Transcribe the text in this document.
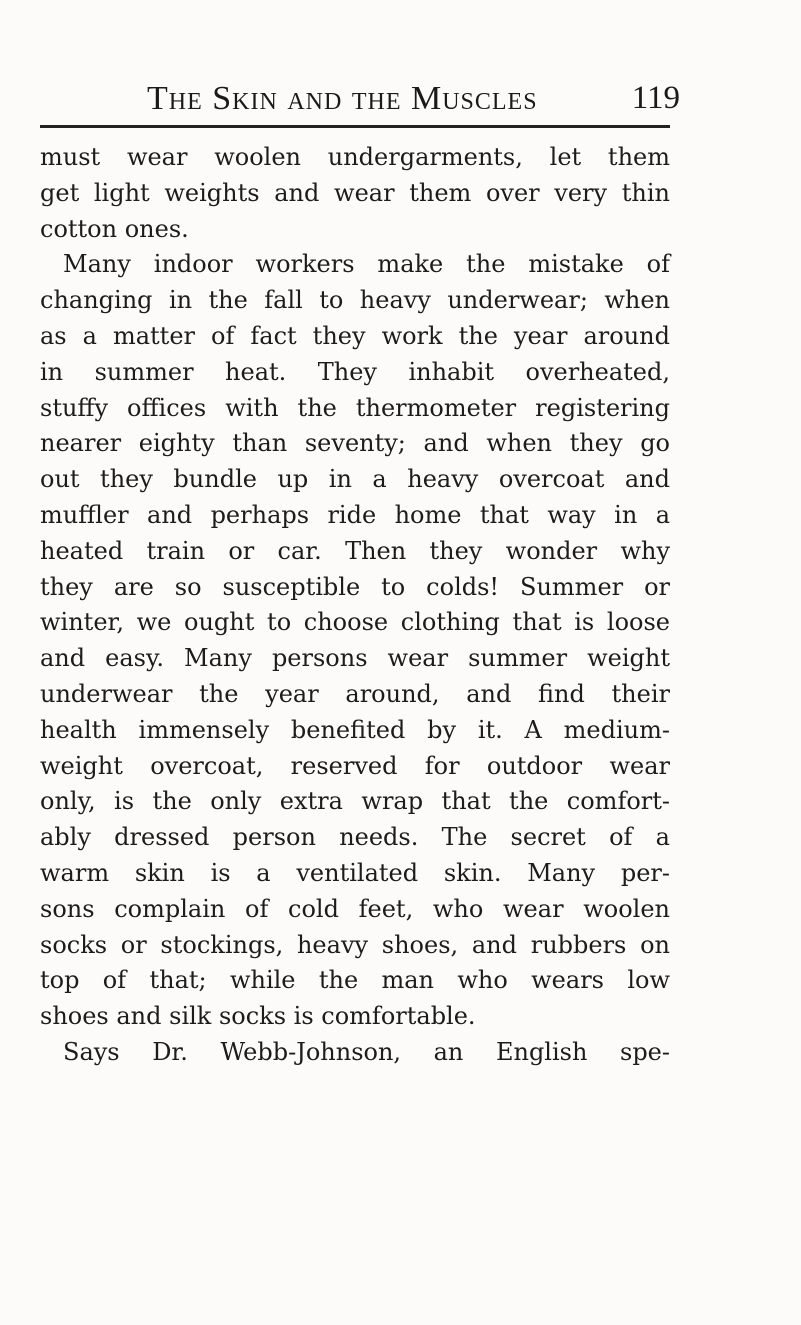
The Skin and the Muscles	119
must wear woolen undergarments, let them
get light weights and wear them over very thin
cotton ones.
Many indoor workers make the mistake of
changing in the fall to heavy underwear; when
as a matter of fact they work the year around
in summer heat. They inhabit overheated,
stuffy offices with the thermometer registering
nearer eighty than seventy; and when they go
out they bundle up in a heavy overcoat and
muffler and perhaps ride home that way in a
heated train or car. Then they wonder why
they are so susceptible to colds! Summer or
winter, we ought to choose clothing that is loose
and easy. Many persons wear summer weight
underwear the year around, and find their
health immensely benefited by it. A medium-
weight overcoat, reserved for outdoor wear
only, is the only extra wrap that the comfort-
ably dressed person needs. The secret of a
warm skin is a ventilated skin. Many per-
sons complain of cold feet, who wear woolen
socks or stockings, heavy shoes, and rubbers on
top of that; while the man who wears low
shoes and silk socks is comfortable.
Says Dr. Webb-Johnson, an English spe-
